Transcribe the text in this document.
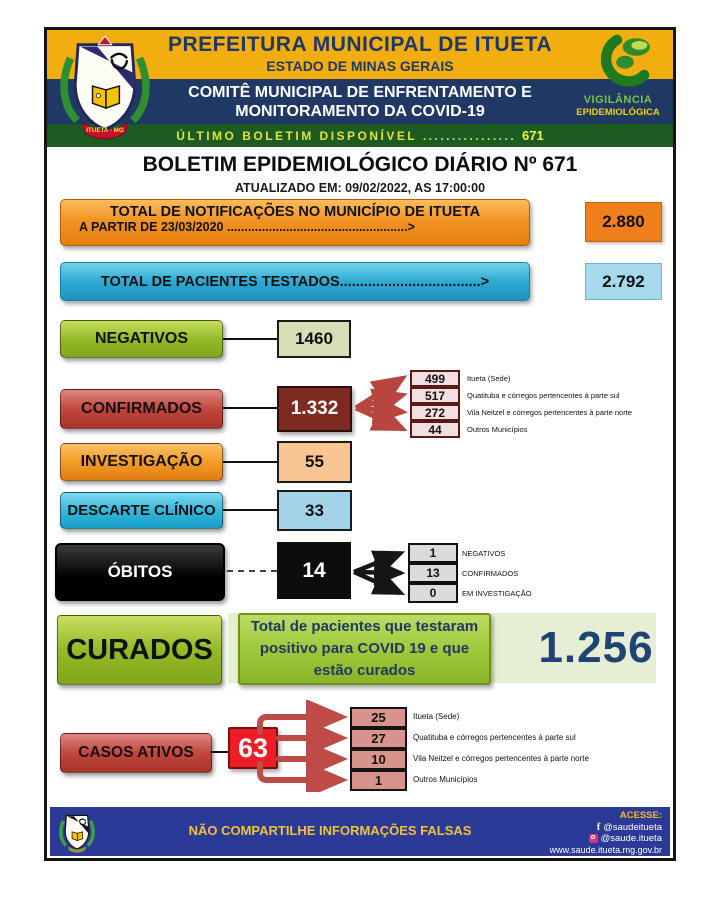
ITUETA - MG
PREFEITURA MUNICIPAL DE ITUETA
ESTADO DE MINAS GERAIS
COMITÊ MUNICIPAL DE ENFRENTAMENTO E
MONITORAMENTO DA COVID-19
ÚLTIMO BOLETIM DISPONÍVEL ................ 671
VIGILÂNCIA
EPIDEMIOLÓGICA
BOLETIM EPIDEMIOLÓGICO DIÁRIO Nº 671
ATUALIZADO EM: 09/02/2022, AS 17:00:00
TOTAL DE NOTIFICAÇÕES NO MUNICÍPIO DE ITUETA
A PARTIR DE 23/03/2020 ....................................................>	2.880
TOTAL DE PACIENTES TESTADOS...................................>	2.792
NEGATIVOS	1460
CONFIRMADOS	1.332
499	Itueta (Sede)
517	Quatituba e córregos pertencentes à parte sul
272	Vila Neitzel e córregos pertencentes à parte norte
44	Outros Municípios
INVESTIGAÇÃO	55
DESCARTE CLÍNICO	33
ÓBITOS	14
1	NEGATIVOS
13	CONFIRMADOS
0	EM INVESTIGAÇÃO
CURADOS
Total de pacientes que testaram positivo para COVID 19 e que estão curados	1.256
CASOS ATIVOS	63
25	Itueta (Sede)
27	Quatituba e córregos pertencentes à parte sul
10	Vila Neitzel e córregos pertencentes à parte norte
1	Outros Municípios
NÃO COMPARTILHE INFORMAÇÕES FALSAS
ACESSE:
f @saudeitueta
@saude.itueta
www.saude.itueta.mg.gov.br
